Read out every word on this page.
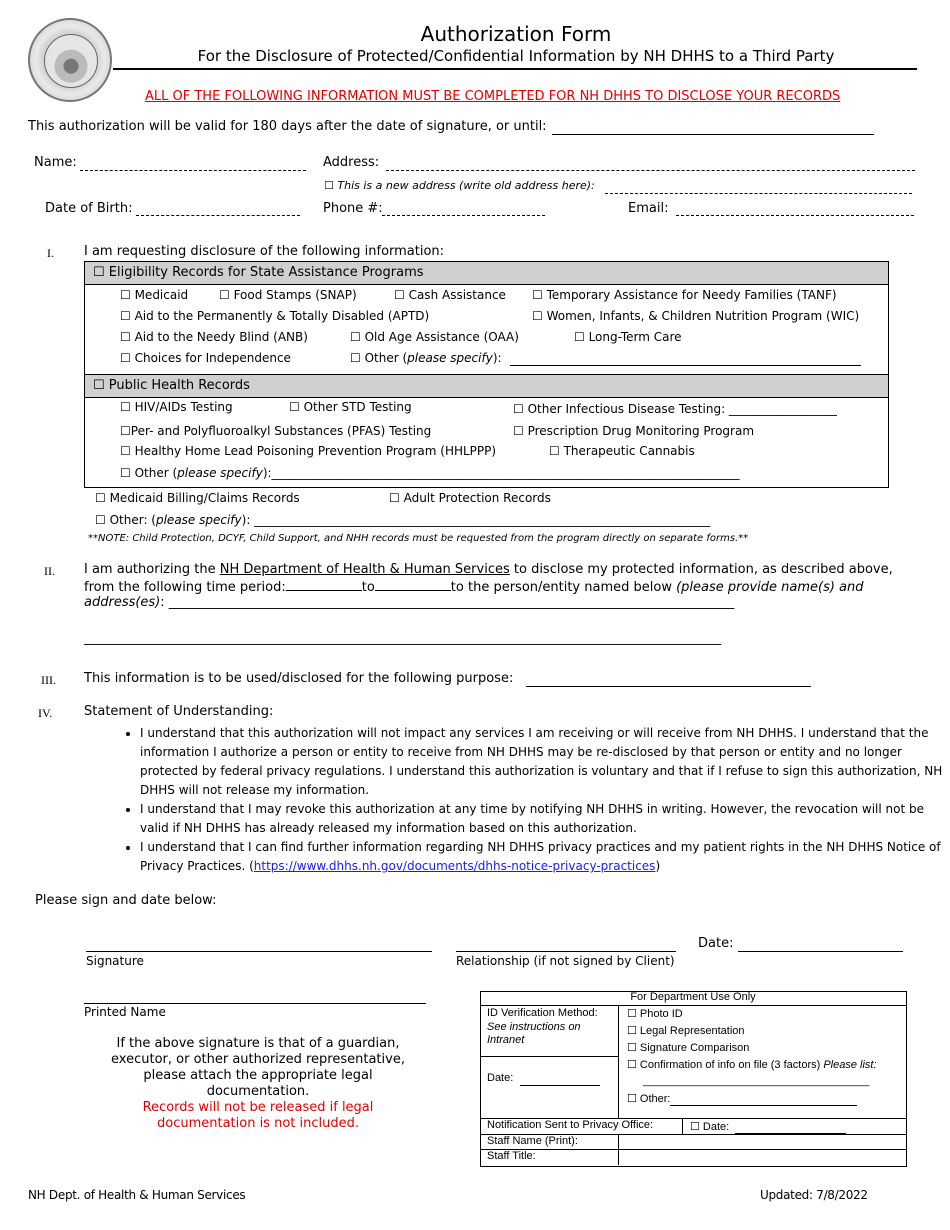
Authorization Form
For the Disclosure of Protected/Confidential Information by NH DHHS to a Third Party
ALL OF THE FOLLOWING INFORMATION MUST BE COMPLETED FOR NH DHHS TO DISCLOSE YOUR RECORDS
This authorization will be valid for 180 days after the date of signature, or until:
Name:	Address:
☐ This is a new address (write old address here):
Date of Birth:	Phone #:	Email:
I. I am requesting disclosure of the following information:
☐ Eligibility Records for State Assistance Programs
☐ Medicaid	☐ Food Stamps (SNAP)	☐ Cash Assistance ☐ Temporary Assistance for Needy Families (TANF)
☐ Aid to the Permanently & Totally Disabled (APTD)	☐ Women, Infants, & Children Nutrition Program (WIC)
☐ Aid to the Needy Blind (ANB)	☐ Old Age Assistance (OAA)	☐ Long-Term Care
☐ Choices for Independence	☐ Other (please specify):
☐ Public Health Records
☐ HIV/AIDs Testing	☐ Other STD Testing	☐ Other Infectious Disease Testing: __________________
☐Per- and Polyfluoroalkyl Substances (PFAS) Testing	☐ Prescription Drug Monitoring Program
☐ Healthy Home Lead Poisoning Prevention Program (HHLPPP)	☐ Therapeutic Cannabis
☐ Other (please specify):______________________________________________________________________________
☐ Medicaid Billing/Claims Records	☐ Adult Protection Records
☐ Other: (please specify): ____________________________________________________________________________
**NOTE: Child Protection, DCYF, Child Support, and NHH records must be requested from the program directly on separate forms.**
II. I am authorizing the NH Department of Health & Human Services to disclose my protected information, as described above,
from the following time period:	to	to the person/entity named below (please provide name(s) and
address(es): _______________________________________________________________________________________
__________________________________________________________________________________________________
III. This information is to be used/disclosed for the following purpose:
IV. Statement of Understanding:
• I understand that this authorization will not impact any services I am receiving or will receive from NH DHHS. I understand that the information I authorize a person or entity to receive from NH DHHS may be re-disclosed by that person or entity and no longer protected by federal privacy regulations. I understand this authorization is voluntary and that if I refuse to sign this authorization, NH DHHS will not release my information.
• I understand that I may revoke this authorization at any time by notifying NH DHHS in writing. However, the revocation will not be valid if NH DHHS has already released my information based on this authorization.
• I understand that I can find further information regarding NH DHHS privacy practices and my patient rights in the NH DHHS Notice of Privacy Practices. (https://www.dhhs.nh.gov/documents/dhhs-notice-privacy-practices)
Please sign and date below:
Signature	Relationship (if not signed by Client)
Date:
Printed Name
If the above signature is that of a guardian, executor, or other authorized representative, please attach the appropriate legal documentation.
Records will not be released if legal documentation is not included.
For Department Use Only
ID Verification Method:
See instructions on Intranet
Date:
☐ Photo ID
☐ Legal Representation
☐ Signature Comparison
☐ Confirmation of info on file (3 factors) Please list:
_____________________________________
☐ Other:
Notification Sent to Privacy Office:	☐ Date:
Staff Name (Print):
Staff Title:
NH Dept. of Health & Human Services	Updated: 7/8/2022
